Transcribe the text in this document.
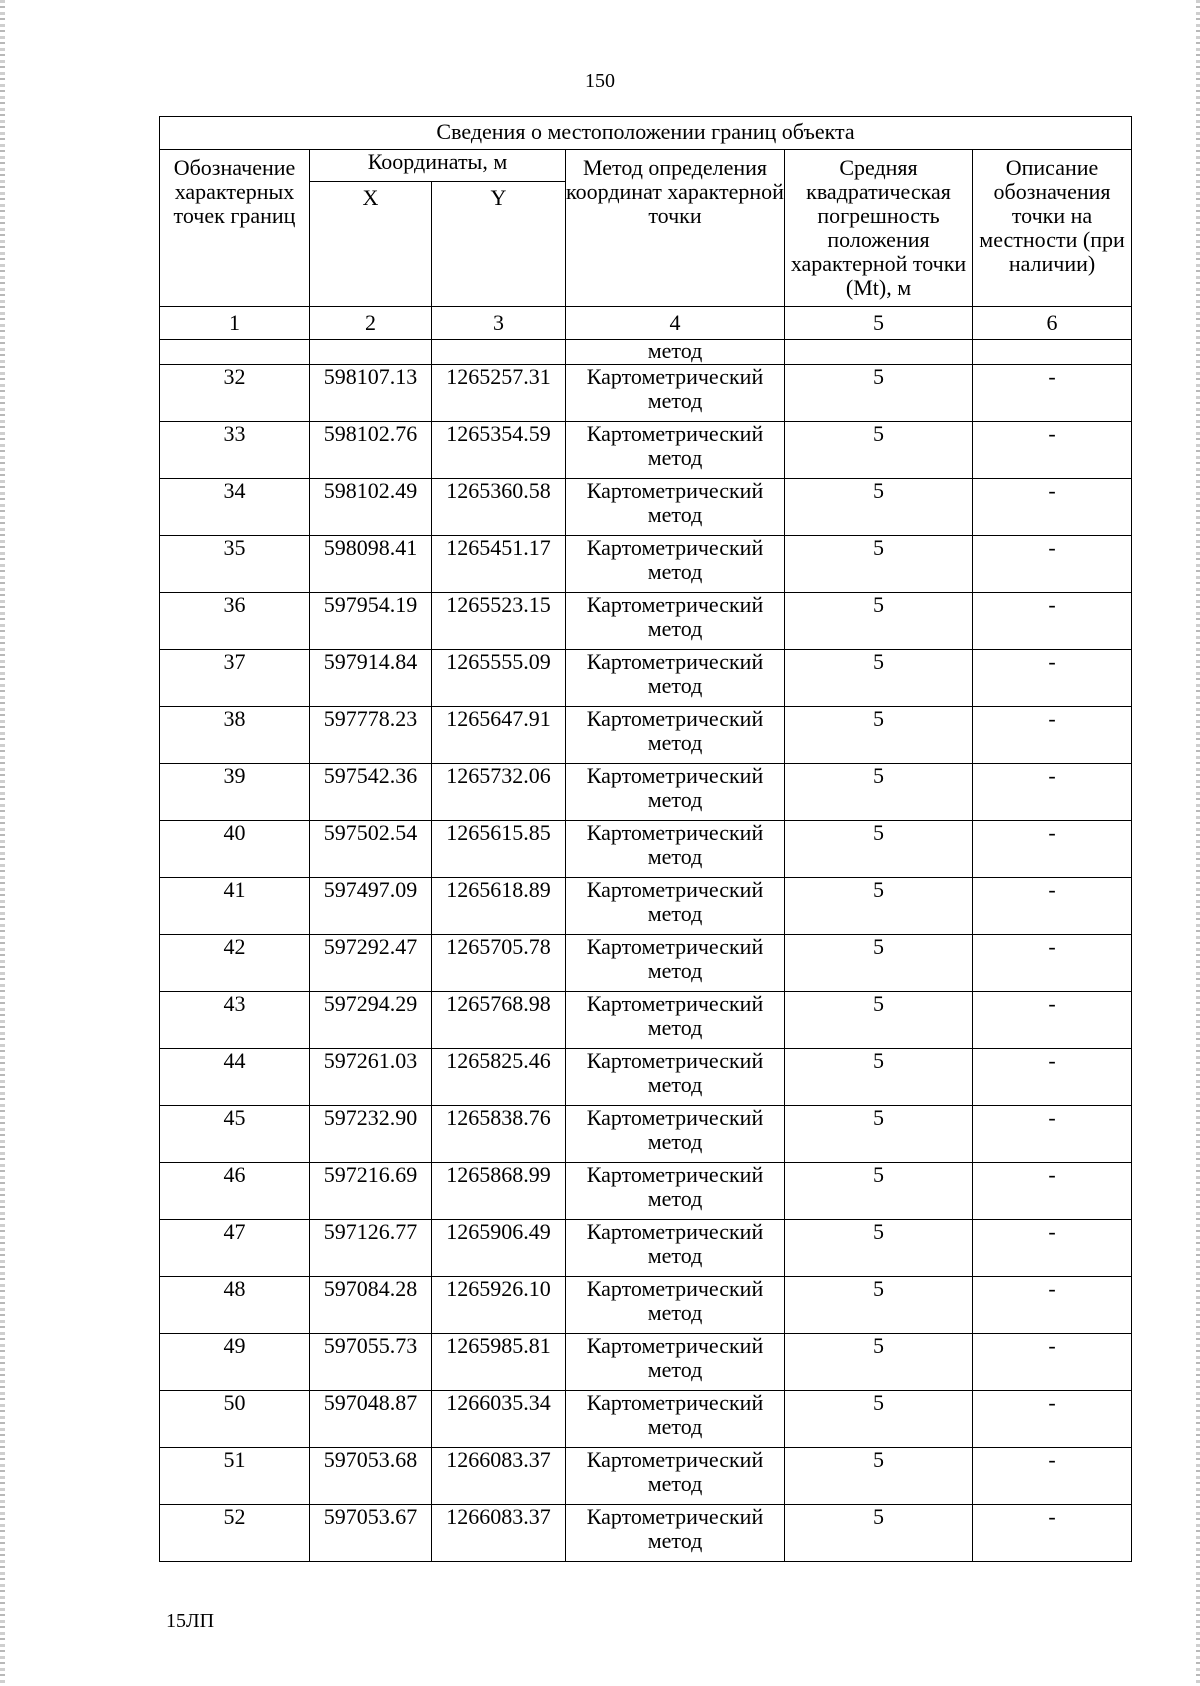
150
Сведения о местоположении границ объекта					
Обозначение характерных точек границ	Координаты, м		Метод определения координат характерной точки	Средняя квадратическая погрешность положения характерной точки (Mt), м	Описание обозначения точки на местности (при наличии)
	X	Y			
1	2	3	4	5	6
			метод		
32	598107.13	1265257.31	Картометрический метод	5	-
33	598102.76	1265354.59	Картометрический метод	5	-
34	598102.49	1265360.58	Картометрический метод	5	-
35	598098.41	1265451.17	Картометрический метод	5	-
36	597954.19	1265523.15	Картометрический метод	5	-
37	597914.84	1265555.09	Картометрический метод	5	-
38	597778.23	1265647.91	Картометрический метод	5	-
39	597542.36	1265732.06	Картометрический метод	5	-
40	597502.54	1265615.85	Картометрический метод	5	-
41	597497.09	1265618.89	Картометрический метод	5	-
42	597292.47	1265705.78	Картометрический метод	5	-
43	597294.29	1265768.98	Картометрический метод	5	-
44	597261.03	1265825.46	Картометрический метод	5	-
45	597232.90	1265838.76	Картометрический метод	5	-
46	597216.69	1265868.99	Картометрический метод	5	-
47	597126.77	1265906.49	Картометрический метод	5	-
48	597084.28	1265926.10	Картометрический метод	5	-
49	597055.73	1265985.81	Картометрический метод	5	-
50	597048.87	1266035.34	Картометрический метод	5	-
51	597053.68	1266083.37	Картометрический метод	5	-
52	597053.67	1266083.37	Картометрический метод	5	-
15ЛП
